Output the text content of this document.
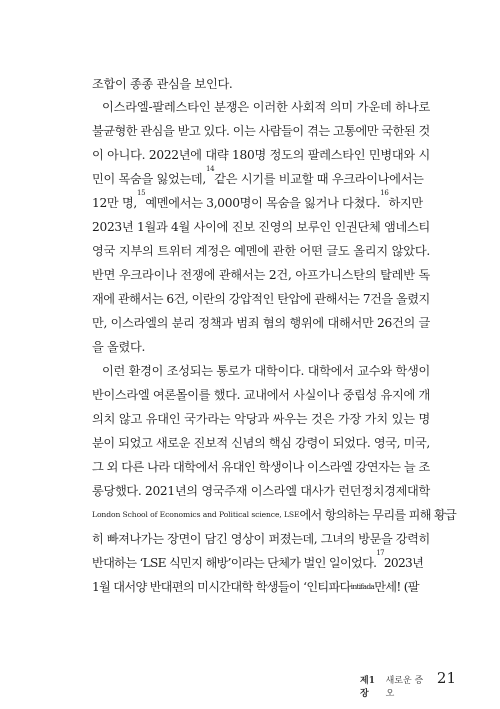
조합이 종종 관심을 보인다.
이스라엘-팔레스타인 분쟁은 이러한 사회적 의미 가운데 하나로
불균형한 관심을 받고 있다. 이는 사람들이 겪는 고통에만 국한된 것
이 아니다. 2022년에 대략 180명 정도의 팔레스타인 민병대와 시
민이 목숨을 잃었는데,
14
같은 시기를 비교할 때 우크라이나에서는
12만 명,
15
예멘에서는 3,000명이 목숨을 잃거나 다쳤다.
16
하지만
2023년 1월과 4월 사이에 진보 진영의 보루인 인권단체 앰네스티
영국 지부의 트위터 계정은 예멘에 관한 어떤 글도 올리지 않았다.
반면 우크라이나 전쟁에 관해서는 2건, 아프가니스탄의 탈레반 독
재에 관해서는 6건, 이란의 강압적인 탄압에 관해서는 7건을 올렸지
만, 이스라엘의 분리 정책과 범죄 혐의 행위에 대해서만 26건의 글
을 올렸다.
이런 환경이 조성되는 통로가 대학이다. 대학에서 교수와 학생이
반이스라엘 여론몰이를 했다. 교내에서 사실이나 중립성 유지에 개
의치 않고 유대인 국가라는 악당과 싸우는 것은 가장 가치 있는 명
분이 되었고 새로운 진보적 신념의 핵심 강령이 되었다. 영국, 미국,
그 외 다른 나라 대학에서 유대인 학생이나 이스라엘 강연자는 늘 조
롱당했다. 2021년의 영국주재 이스라엘 대사가 런던정치경제대학
London School of Economics and Political science, LSE 에서 항의하는 무리를 피해 황급
히 빠져나가는 장면이 담긴 영상이 퍼졌는데, 그녀의 방문을 강력히
반대하는 ‘LSE 식민지 해방’이라는 단체가 벌인 일이었다.
17
2023년
1월 대서양 반대편의 미시간대학 학생들이 ‘인티파다 intifada 만세! (팔
제1장
새로운 증오
21
